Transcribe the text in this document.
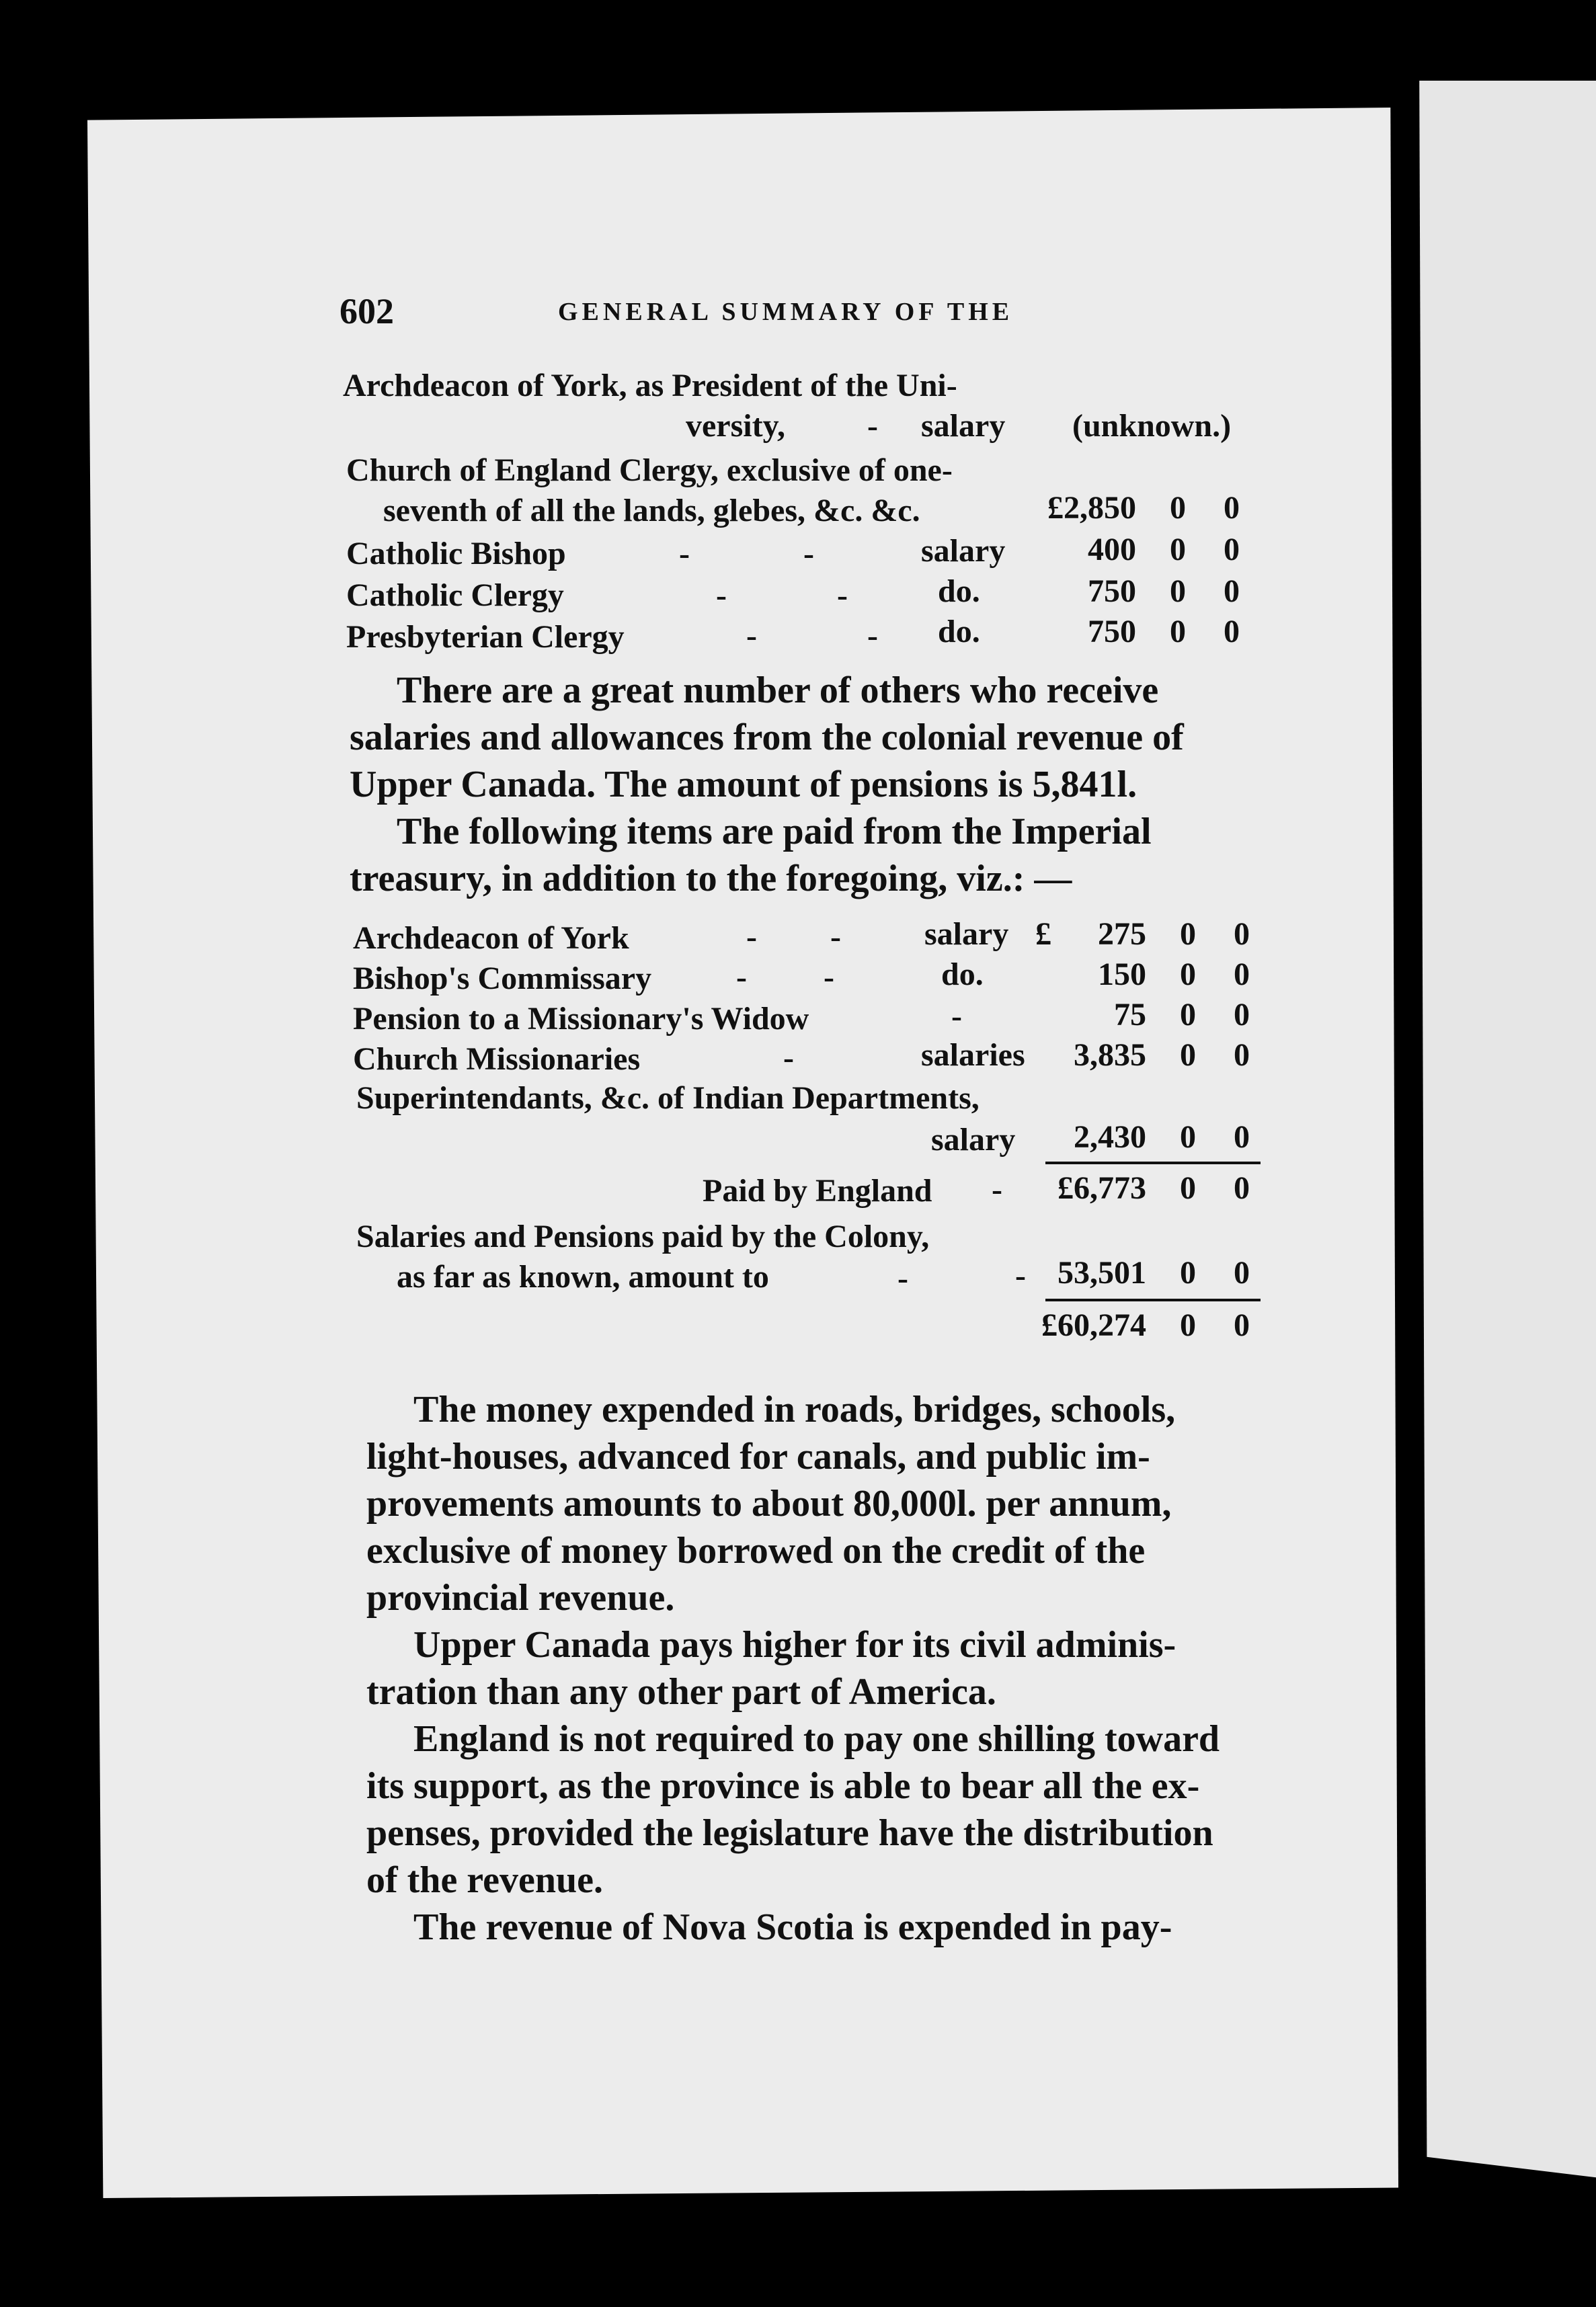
602	GENERAL SUMMARY OF THE
Archdeacon of York, as President of the Uni-
versity,	- salary (unknown.)
Church of England Clergy, exclusive of one-
seventh of all the lands, glebes, &c. &c.	£2,850 0 0
Catholic Bishop	-	-	salary	400 0 0
Catholic Clergy	-	-	do.	750 0 0
Presbyterian Clergy	-	- do.	750 0 0

There are a great number of others who receive

salaries and allowances from the colonial revenue of

Upper Canada. The amount of pensions is 5,841l.

The following items are paid from the Imperial

treasury, in addition to the foregoing, viz.: —

Archdeacon of York	- -	salary £	275 0 0
Bishop's Commissary	- -	do.	150 0 0
Pension to a Missionary's Widow	-	75 0 0
Church Missionaries	-	salaries	3,835 0 0
Superintendants, &c. of Indian Departments,
salary	2,430 0 0
Paid by England -	£6,773 0 0
Salaries and Pensions paid by the Colony,
as far as known, amount to	-	- 53,501 0 0
£60,274 0 0

The money expended in roads, bridges, schools,

light-houses, advanced for canals, and public im-

provements amounts to about 80,000l. per annum,

exclusive of money borrowed on the credit of the

provincial revenue.

Upper Canada pays higher for its civil adminis-

tration than any other part of America.

England is not required to pay one shilling toward

its support, as the province is able to bear all the ex-

penses, provided the legislature have the distribution

of the revenue.

The revenue of Nova Scotia is expended in pay-
